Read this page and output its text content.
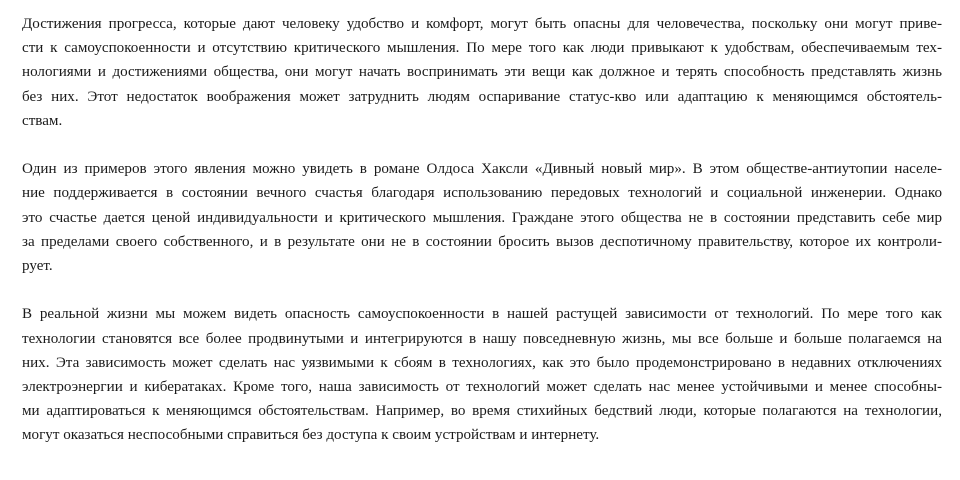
Достижения прогресса, которые дают человеку удобство и комфорт, могут быть опасны для человечества, поскольку они могут приве-
сти к самоуспокоенности и отсутствию критического мышления. По мере того как люди привыкают к удобствам, обеспечиваемым тех-
нологиями и достижениями общества, они могут начать воспринимать эти вещи как должное и терять способность представлять жизнь
без них. Этот недостаток воображения может затруднить людям оспаривание статус-кво или адаптацию к меняющимся обстоятель-
ствам.
Один из примеров этого явления можно увидеть в романе Олдоса Хаксли «Дивный новый мир». В этом обществе-антиутопии населе-
ние поддерживается в состоянии вечного счастья благодаря использованию передовых технологий и социальной инженерии. Однако
это счастье дается ценой индивидуальности и критического мышления. Граждане этого общества не в состоянии представить себе мир
за пределами своего собственного, и в результате они не в состоянии бросить вызов деспотичному правительству, которое их контроли-
рует.
В реальной жизни мы можем видеть опасность самоуспокоенности в нашей растущей зависимости от технологий. По мере того как
технологии становятся все более продвинутыми и интегрируются в нашу повседневную жизнь, мы все больше и больше полагаемся на
них. Эта зависимость может сделать нас уязвимыми к сбоям в технологиях, как это было продемонстрировано в недавних отключениях
электроэнергии и кибератаках. Кроме того, наша зависимость от технологий может сделать нас менее устойчивыми и менее способны-
ми адаптироваться к меняющимся обстоятельствам. Например, во время стихийных бедствий люди, которые полагаются на технологии,
могут оказаться неспособными справиться без доступа к своим устройствам и интернету.
